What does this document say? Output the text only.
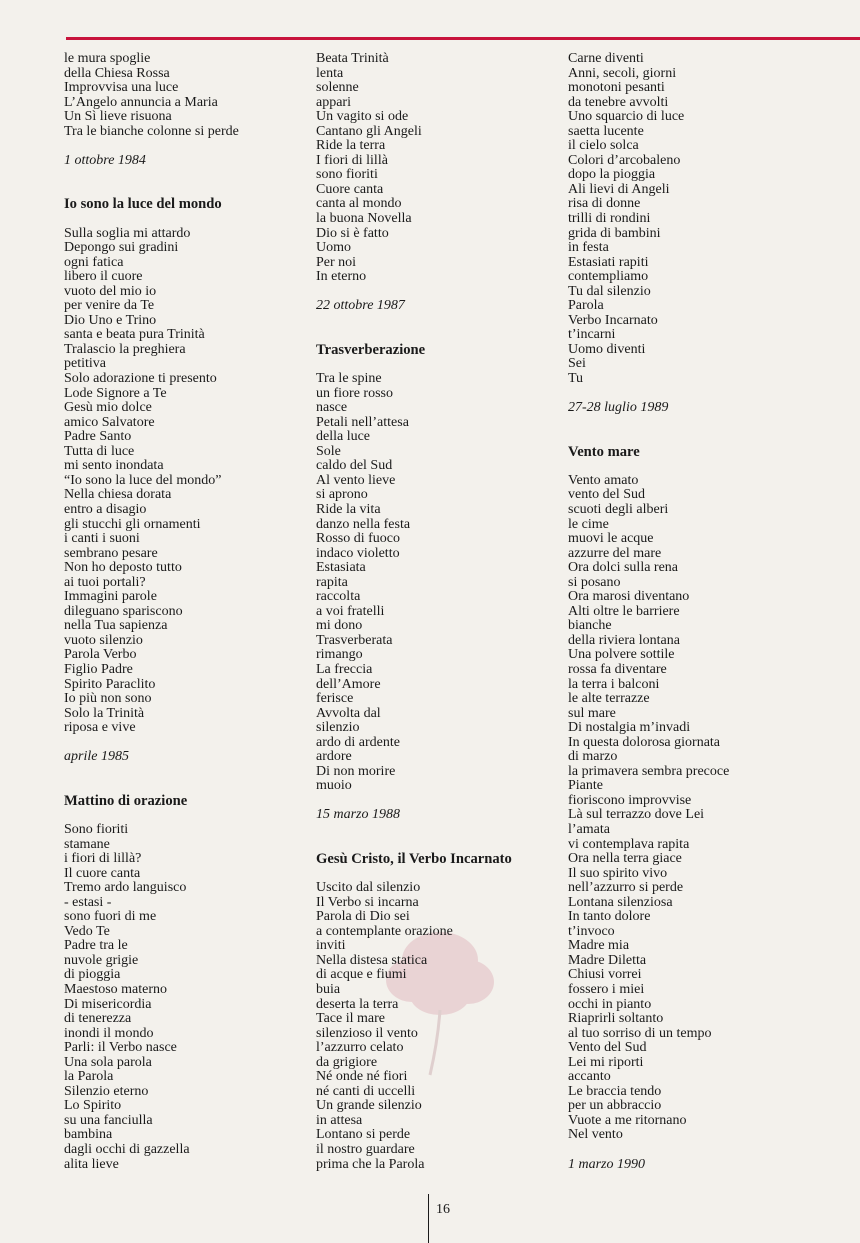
le mura spoglie
della Chiesa Rossa
Improvvisa una luce
L’Angelo annuncia a Maria
Un Sì lieve risuona
Tra le bianche colonne si perde
1 ottobre 1984
Io sono la luce del mondo
Sulla soglia mi attardo
Depongo sui gradini
ogni fatica
libero il cuore
vuoto del mio io
per venire da Te
Dio Uno e Trino
santa e beata pura Trinità
Tralascio la preghiera
petitiva
Solo adorazione ti presento
Lode Signore a Te
Gesù mio dolce
amico Salvatore
Padre Santo
Tutta di luce
mi sento inondata
“Io sono la luce del mondo”
Nella chiesa dorata
entro a disagio
gli stucchi gli ornamenti
i canti i suoni
sembrano pesare
Non ho deposto tutto
ai tuoi portali?
Immagini parole
dileguano spariscono
nella Tua sapienza
vuoto silenzio
Parola Verbo
Figlio Padre
Spirito Paraclito
Io più non sono
Solo la Trinità
riposa e vive
aprile 1985
Mattino di orazione
Sono fioriti
stamane
i fiori di lillà?
Il cuore canta
Tremo ardo languisco
- estasi -
sono fuori di me
Vedo Te
Padre tra le
nuvole grigie
di pioggia
Maestoso materno
Di misericordia
di tenerezza
inondi il mondo
Parli: il Verbo nasce
Una sola parola
la Parola
Silenzio eterno
Lo Spirito
su una fanciulla
bambina
dagli occhi di gazzella
alita lieve
Beata Trinità
lenta
solenne
appari
Un vagito si ode
Cantano gli Angeli
Ride la terra
I fiori di lillà
sono fioriti
Cuore canta
canta al mondo
la buona Novella
Dio si è fatto
Uomo
Per noi
In eterno
22 ottobre 1987
Trasverberazione
Tra le spine
un fiore rosso
nasce
Petali nell’attesa
della luce
Sole
caldo del Sud
Al vento lieve
si aprono
Ride la vita
danzo nella festa
Rosso di fuoco
indaco violetto
Estasiata
rapita
raccolta
a voi fratelli
mi dono
Trasverberata
rimango
La freccia
dell’Amore
ferisce
Avvolta dal
silenzio
ardo di ardente
ardore
Di non morire
muoio
15 marzo 1988
Gesù Cristo, il Verbo Incarnato
Uscito dal silenzio
Il Verbo si incarna
Parola di Dio sei
a contemplante orazione
inviti
Nella distesa statica
di acque e fiumi
buia
deserta la terra
Tace il mare
silenzioso il vento
l’azzurro celato
da grigiore
Né onde né fiori
né canti di uccelli
Un grande silenzio
in attesa
Lontano si perde
il nostro guardare
prima che la Parola
Carne diventi
Anni, secoli, giorni
monotoni pesanti
da tenebre avvolti
Uno squarcio di luce
saetta lucente
il cielo solca
Colori d’arcobaleno
dopo la pioggia
Ali lievi di Angeli
risa di donne
trilli di rondini
grida di bambini
in festa
Estasiati rapiti
contempliamo
Tu dal silenzio
Parola
Verbo Incarnato
t’incarni
Uomo diventi
Sei
Tu
27-28 luglio 1989
Vento mare
Vento amato
vento del Sud
scuoti degli alberi
le cime
muovi le acque
azzurre del mare
Ora dolci sulla rena
si posano
Ora marosi diventano
Alti oltre le barriere
bianche
della riviera lontana
Una polvere sottile
rossa fa diventare
la terra i balconi
le alte terrazze
sul mare
Di nostalgia m’invadi
In questa dolorosa giornata
di marzo
la primavera sembra precoce
Piante
fioriscono improvvise
Là sul terrazzo dove Lei
l’amata
vi contemplava rapita
Ora nella terra giace
Il suo spirito vivo
nell’azzurro si perde
Lontana silenziosa
In tanto dolore
t’invoco
Madre mia
Madre Diletta
Chiusi vorrei
fossero i miei
occhi in pianto
Riaprirli soltanto
al tuo sorriso di un tempo
Vento del Sud
Lei mi riporti
accanto
Le braccia tendo
per un abbraccio
Vuote a me ritornano
Nel vento
1 marzo 1990
16
